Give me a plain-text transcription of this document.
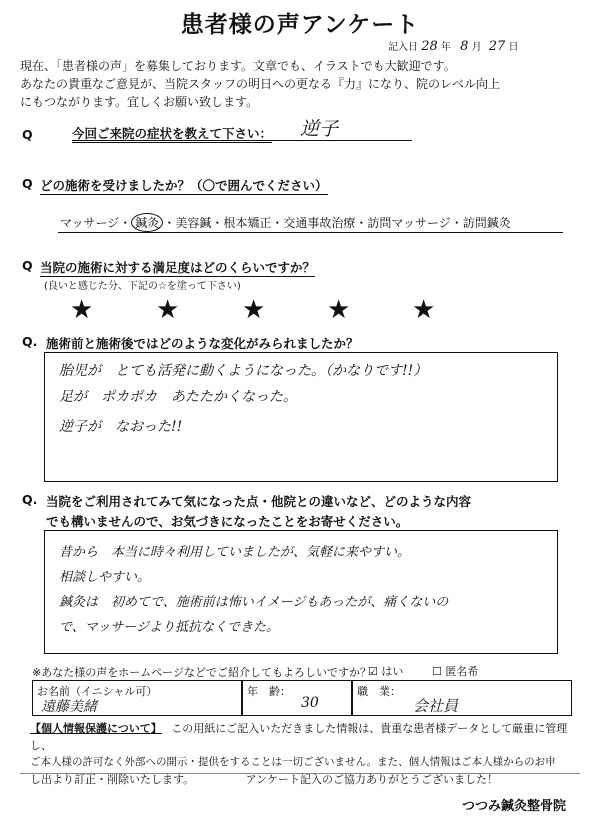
患者様の声アンケート
記入日 28 年 8 月 27 日
現在、「患者様の声」を募集しております。文章でも、イラストでも大歓迎です。
あなたの貴重なご意見が、当院スタッフの明日への更なる『力』になり、院のレベル向上
にもつながります。宜しくお願い致します。
Q	今回ご来院の症状を教えて下さい： 逆子
Q どの施術を受けましたか？（〇で囲んでください）
マッサージ・ 鍼灸 ・美容鍼・根本矯正・交通事故治療・訪問マッサージ・訪問鍼灸
Q 当院の施術に対する満足度はどのくらいですか？
(良いと感じた分、下記の☆を塗って下さい)
★ ★ ★ ★ ★
Q. 施術前と施術後ではどのような変化がみられましたか？
胎児が　とても活発に動くようになった。（かなりです!!）
足が　ポカポカ　あたたかくなった。
逆子が　なおった!!
Q. 当院をご利用されてみて気になった点・他院との違いなど、どのような内容
でも構いませんので、お気づきになったことをお寄せください。
昔から　本当に時々利用していましたが、気軽に来やすい。
相談しやすい。
鍼灸は　初めてで、施術前は怖いイメージもあったが、痛くないの
で、マッサージより抵抗なくできた。
※あなた様の声をホームページなどでご紹介してもよろしいですか？
☑ はい	☐ 匿名希
お名前（イニシャル可）
遠藤美緒
年　齢：
30
職　業：
会社員
【個人情報保護について】 この用紙にご記入いただきました情報は、貴重な患者様データとして厳重に管理し、
ご本人様の許可なく外部への開示・提供をすることは一切ございません。また、個人情報はご本人様からのお申
し出より訂正・削除いたします。	アンケート記入のご協力ありがとうございました！
つつみ鍼灸整骨院
